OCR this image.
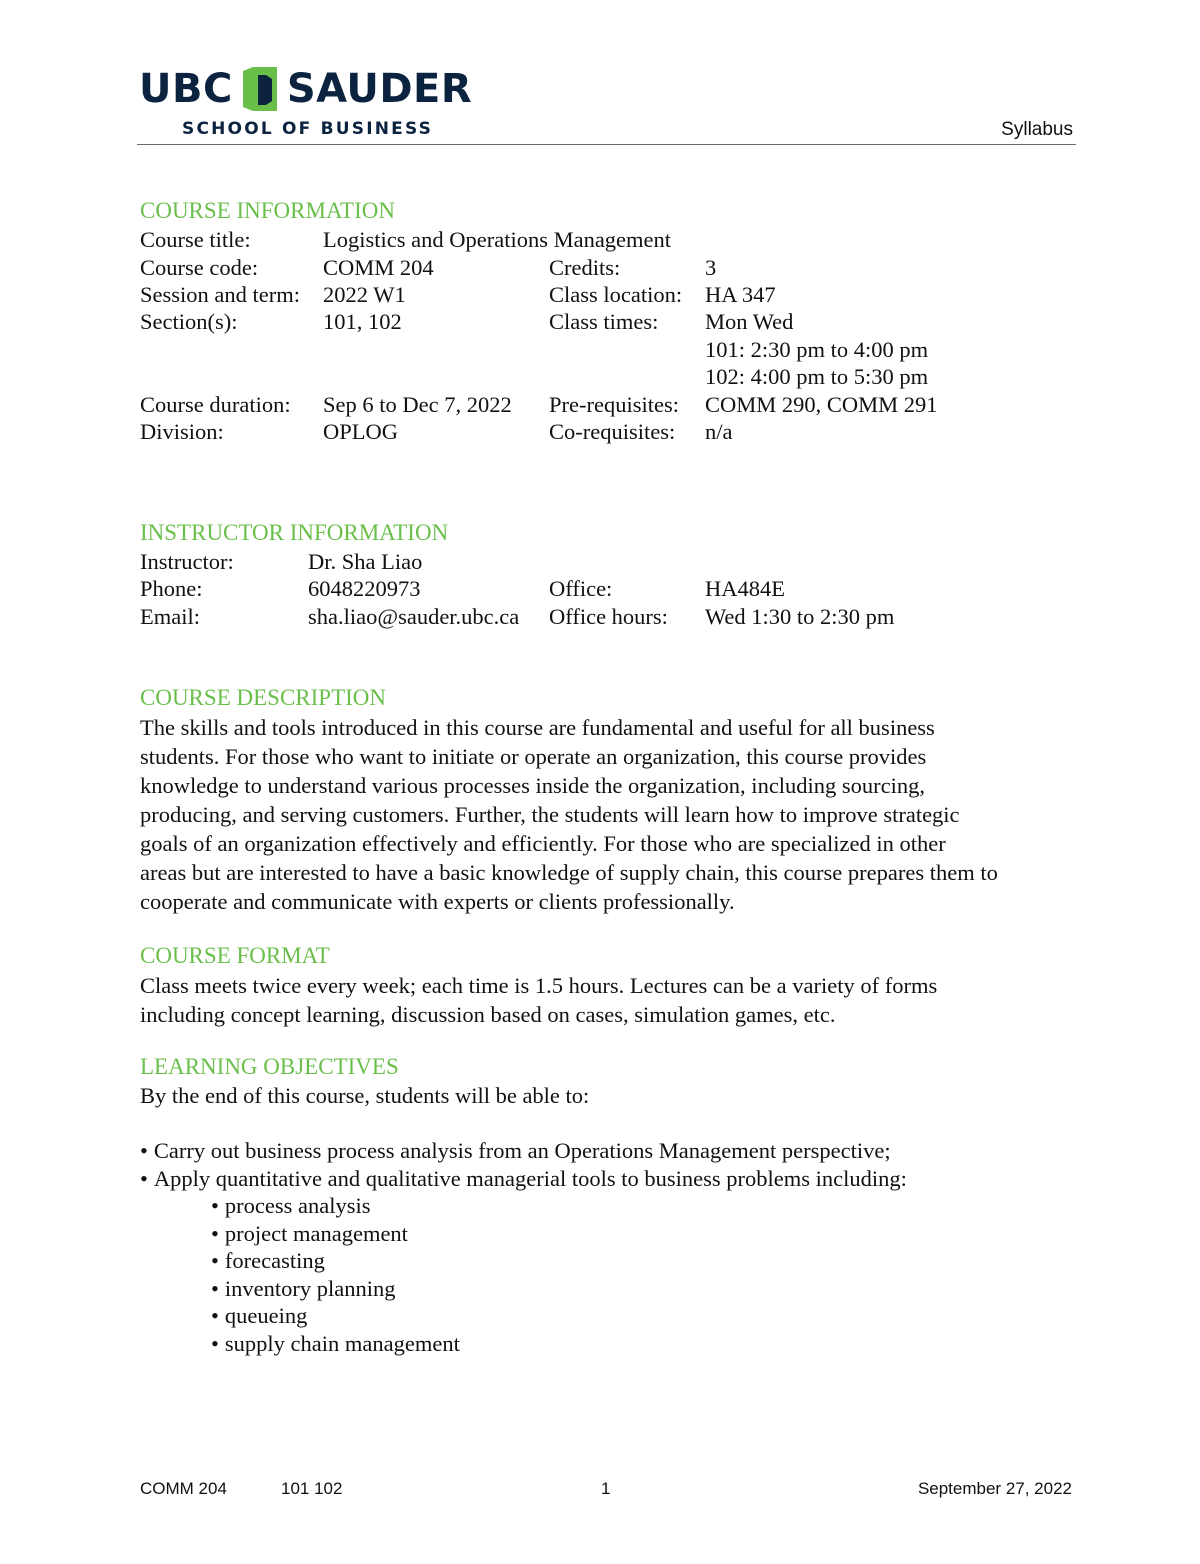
UBC SAUDER
SCHOOL OF BUSINESS	Syllabus
COURSE INFORMATION
Course title:	Logistics and Operations Management
Course code:	COMM 204	Credits:	3
Session and term: 2022 W1	Class location: HA 347
Section(s):	101, 102	Class times: Mon Wed
101: 2:30 pm to 4:00 pm
102: 4:00 pm to 5:30 pm
Course duration: Sep 6 to Dec 7, 2022 Pre-requisites: COMM 290, COMM 291
Division:	OPLOG	Co-requisites: n/a
INSTRUCTOR INFORMATION
Instructor:	Dr. Sha Liao
Phone:	6048220973	Office:	HA484E
Email:	sha.liao@sauder.ubc.ca Office hours: Wed 1:30 to 2:30 pm
COURSE DESCRIPTION

The skills and tools introduced in this course are fundamental and useful for all business
students. For those who want to initiate or operate an organization, this course provides
knowledge to understand various processes inside the organization, including sourcing,
producing, and serving customers. Further, the students will learn how to improve strategic
goals of an organization effectively and efficiently. For those who are specialized in other
areas but are interested to have a basic knowledge of supply chain, this course prepares them to
cooperate and communicate with experts or clients professionally.

COURSE FORMAT

Class meets twice every week; each time is 1.5 hours. Lectures can be a variety of forms
including concept learning, discussion based on cases, simulation games, etc.

LEARNING OBJECTIVES
By the end of this course, students will be able to:
• Carry out business process analysis from an Operations Management perspective;
• Apply quantitative and qualitative managerial tools to business problems including:
• process analysis
• project management
• forecasting
• inventory planning
• queueing
• supply chain management
COMM 204	101 102	1	September 27, 2022
